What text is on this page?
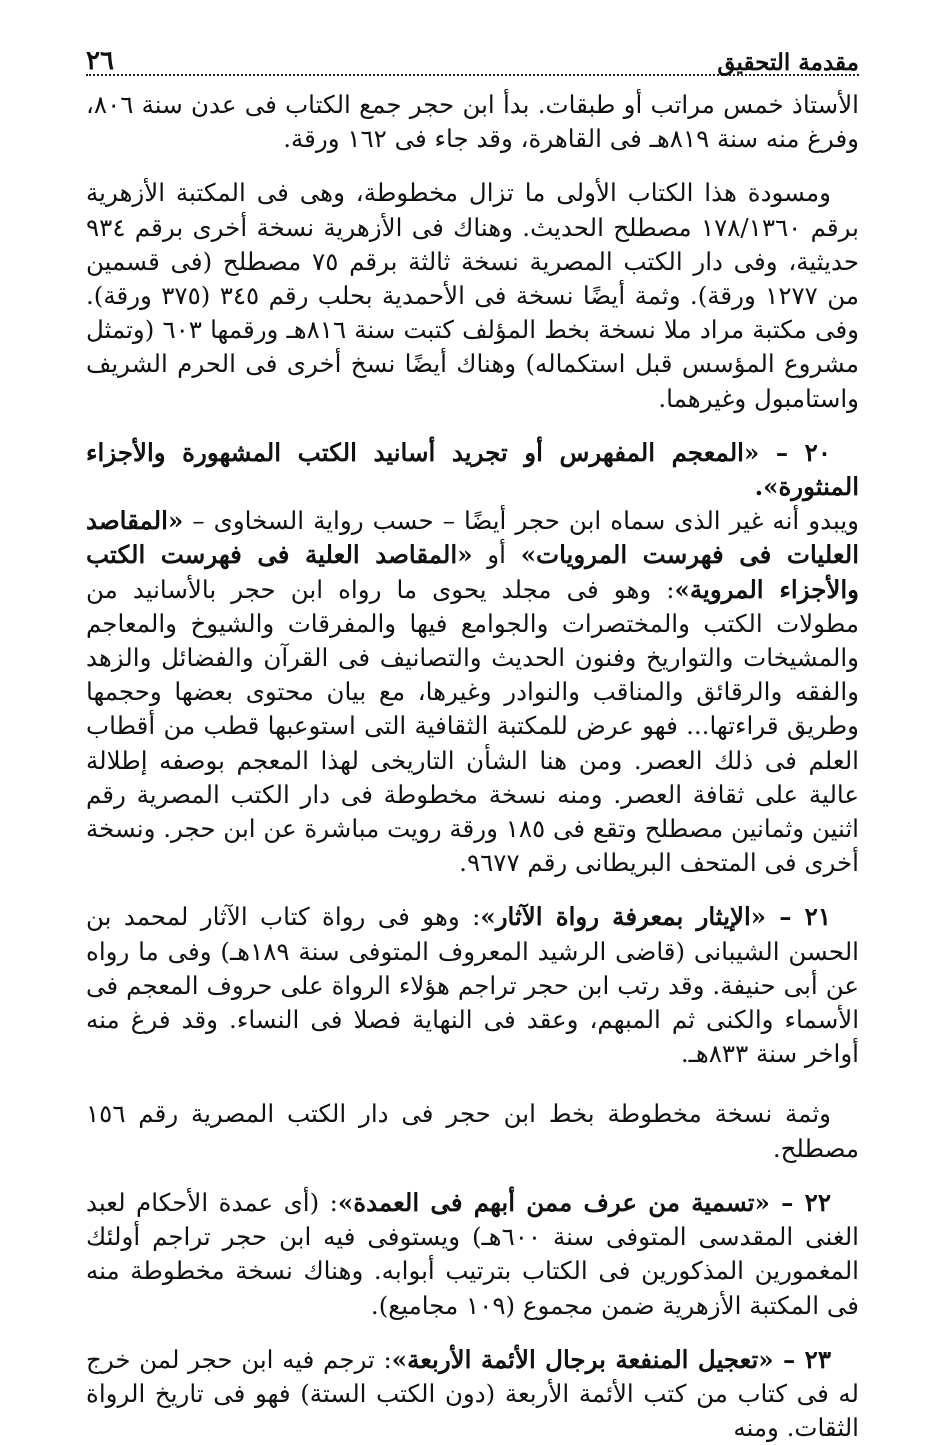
مقدمة التحقيق
٢٦

الأستاذ خمس مراتب أو طبقات. بدأ ابن حجر جمع الكتاب فى عدن سنة ٨٠٦، وفرغ منه سنة ٨١٩هـ فى القاهرة، وقد جاء فى ١٦٢ ورقة.

ومسودة هذا الكتاب الأولى ما تزال مخطوطة، وهى فى المكتبة الأزهرية برقم ١٧٨/١٣٦٠ مصطلح الحديث. وهناك فى الأزهرية نسخة أخرى برقم ٩٣٤ حديثية، وفى دار الكتب المصرية نسخة ثالثة برقم ٧٥ مصطلح (فى قسمين من ١٢٧٧ ورقة). وثمة أيضًا نسخة فى الأحمدية بحلب رقم ٣٤٥ (٣٧٥ ورقة). وفى مكتبة مراد ملا نسخة بخط المؤلف كتبت سنة ٨١٦هـ ورقمها ٦٠٣ (وتمثل مشروع المؤسس قبل استكماله) وهناك أيضًا نسخ أخرى فى الحرم الشريف واستامبول وغيرهما.

٢٠ – «المعجم المفهرس أو تجريد أسانيد الكتب المشهورة والأجزاء المنثورة».

ويبدو أنه غير الذى سماه ابن حجر أيضًا – حسب رواية السخاوى – «المقاصد العليات فى فهرست المرويات» أو «المقاصد العلية فى فهرست الكتب والأجزاء المروية»: وهو فى مجلد يحوى ما رواه ابن حجر بالأسانيد من مطولات الكتب والمختصرات والجوامع فيها والمفرقات والشيوخ والمعاجم والمشيخات والتواريخ وفنون الحديث والتصانيف فى القرآن والفضائل والزهد والفقه والرقائق والمناقب والنوادر وغيرها، مع بيان محتوى بعضها وحجمها وطريق قراءتها... فهو عرض للمكتبة الثقافية التى استوعبها قطب من أقطاب العلم فى ذلك العصر. ومن هنا الشأن التاريخى لهذا المعجم بوصفه إطلالة عالية على ثقافة العصر. ومنه نسخة مخطوطة فى دار الكتب المصرية رقم اثنين وثمانين مصطلح وتقع فى ١٨٥ ورقة رويت مباشرة عن ابن حجر. ونسخة أخرى فى المتحف البريطانى رقم ٩٦٧٧.

٢١ – «الإيثار بمعرفة رواة الآثار»: وهو فى رواة كتاب الآثار لمحمد بن الحسن الشيبانى (قاضى الرشيد المعروف المتوفى سنة ١٨٩هـ) وفى ما رواه عن أبى حنيفة. وقد رتب ابن حجر تراجم هؤلاء الرواة على حروف المعجم فى الأسماء والكنى ثم المبهم، وعقد فى النهاية فصلا فى النساء. وقد فرغ منه أواخر سنة ٨٣٣هـ.

وثمة نسخة مخطوطة بخط ابن حجر فى دار الكتب المصرية رقم ١٥٦ مصطلح.

٢٢ – «تسمية من عرف ممن أبهم فى العمدة»: (أى عمدة الأحكام لعبد الغنى المقدسى المتوفى سنة ٦٠٠هـ) ويستوفى فيه ابن حجر تراجم أولئك المغمورين المذكورين فى الكتاب بترتيب أبوابه. وهناك نسخة مخطوطة منه فى المكتبة الأزهرية ضمن مجموع (١٠٩ مجاميع).

٢٣ – «تعجيل المنفعة برجال الأئمة الأربعة»: ترجم فيه ابن حجر لمن خرج له فى كتاب من كتب الأئمة الأربعة (دون الكتب الستة) فهو فى تاريخ الرواة الثقات. ومنه
